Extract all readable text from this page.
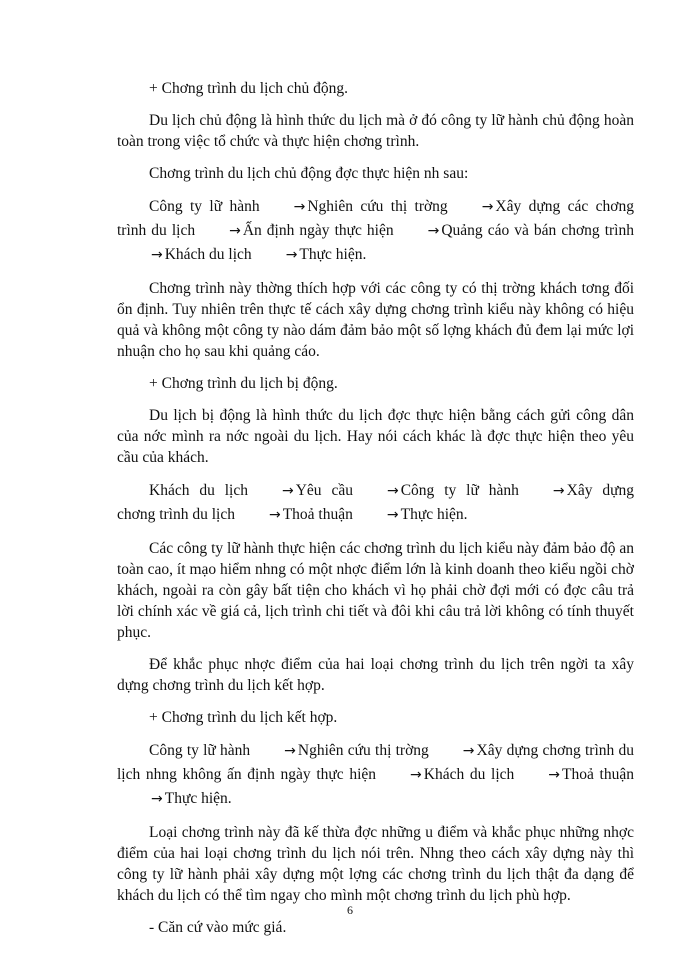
+ Chơng trình du lịch chủ động.

Du lịch chủ động là hình thức du lịch mà ở đó công ty lữ hành chủ động hoàn toàn trong việc tổ chức và thực hiện chơng trình.

Chơng trình du lịch chủ động đợc thực hiện nh sau:

Công ty lữ hành → Nghiên cứu thị trờng → Xây dựng các chơng trình du lịch → Ấn định ngày thực hiện → Quảng cáo và bán chơng trình→ Khách du lịch → Thực hiện.

Chơng trình này thờng thích hợp với các công ty có thị trờng khách tơng đối ổn định. Tuy nhiên trên thực tế cách xây dựng chơng trình kiểu này không có hiệu quả và không một công ty nào dám đảm bảo một số lợng khách đủ đem lại mức lợi nhuận cho họ sau khi quảng cáo.

+ Chơng trình du lịch bị động.

Du lịch bị động là hình thức du lịch đợc thực hiện bằng cách gửi công dân của nớc mình ra nớc ngoài du lịch. Hay nói cách khác là đợc thực hiện theo yêu cầu của khách.

Khách du lịch → Yêu cầu → Công ty lữ hành → Xây dựng chơng trình du lịch → Thoả thuận → Thực hiện.

Các công ty lữ hành thực hiện các chơng trình du lịch kiểu này đảm bảo độ an toàn cao, ít mạo hiểm nhng có một nhợc điểm lớn là kinh doanh theo kiểu ngồi chờ khách, ngoài ra còn gây bất tiện cho khách vì họ phải chờ đợi mới có đợc câu trả lời chính xác về giá cả, lịch trình chi tiết và đôi khi câu trả lời không có tính thuyết phục.

Để khắc phục nhợc điểm của hai loại chơng trình du lịch trên ngời ta xây dựng chơng trình du lịch kết hợp.

+ Chơng trình du lịch kết hợp.

Công ty lữ hành → Nghiên cứu thị trờng → Xây dựng chơng trình du lịch nhng không ấn định ngày thực hiện → Khách du lịch → Thoả thuận→ Thực hiện.

Loại chơng trình này đã kế thừa đợc những u điểm và khắc phục những nhợc điểm của hai loại chơng trình du lịch nói trên. Nhng theo cách xây dựng này thì công ty lữ hành phải xây dựng một lợng các chơng trình du lịch thật đa dạng để khách du lịch có thể tìm ngay cho mình một chơng trình du lịch phù hợp.

- Căn cứ vào mức giá.

6
